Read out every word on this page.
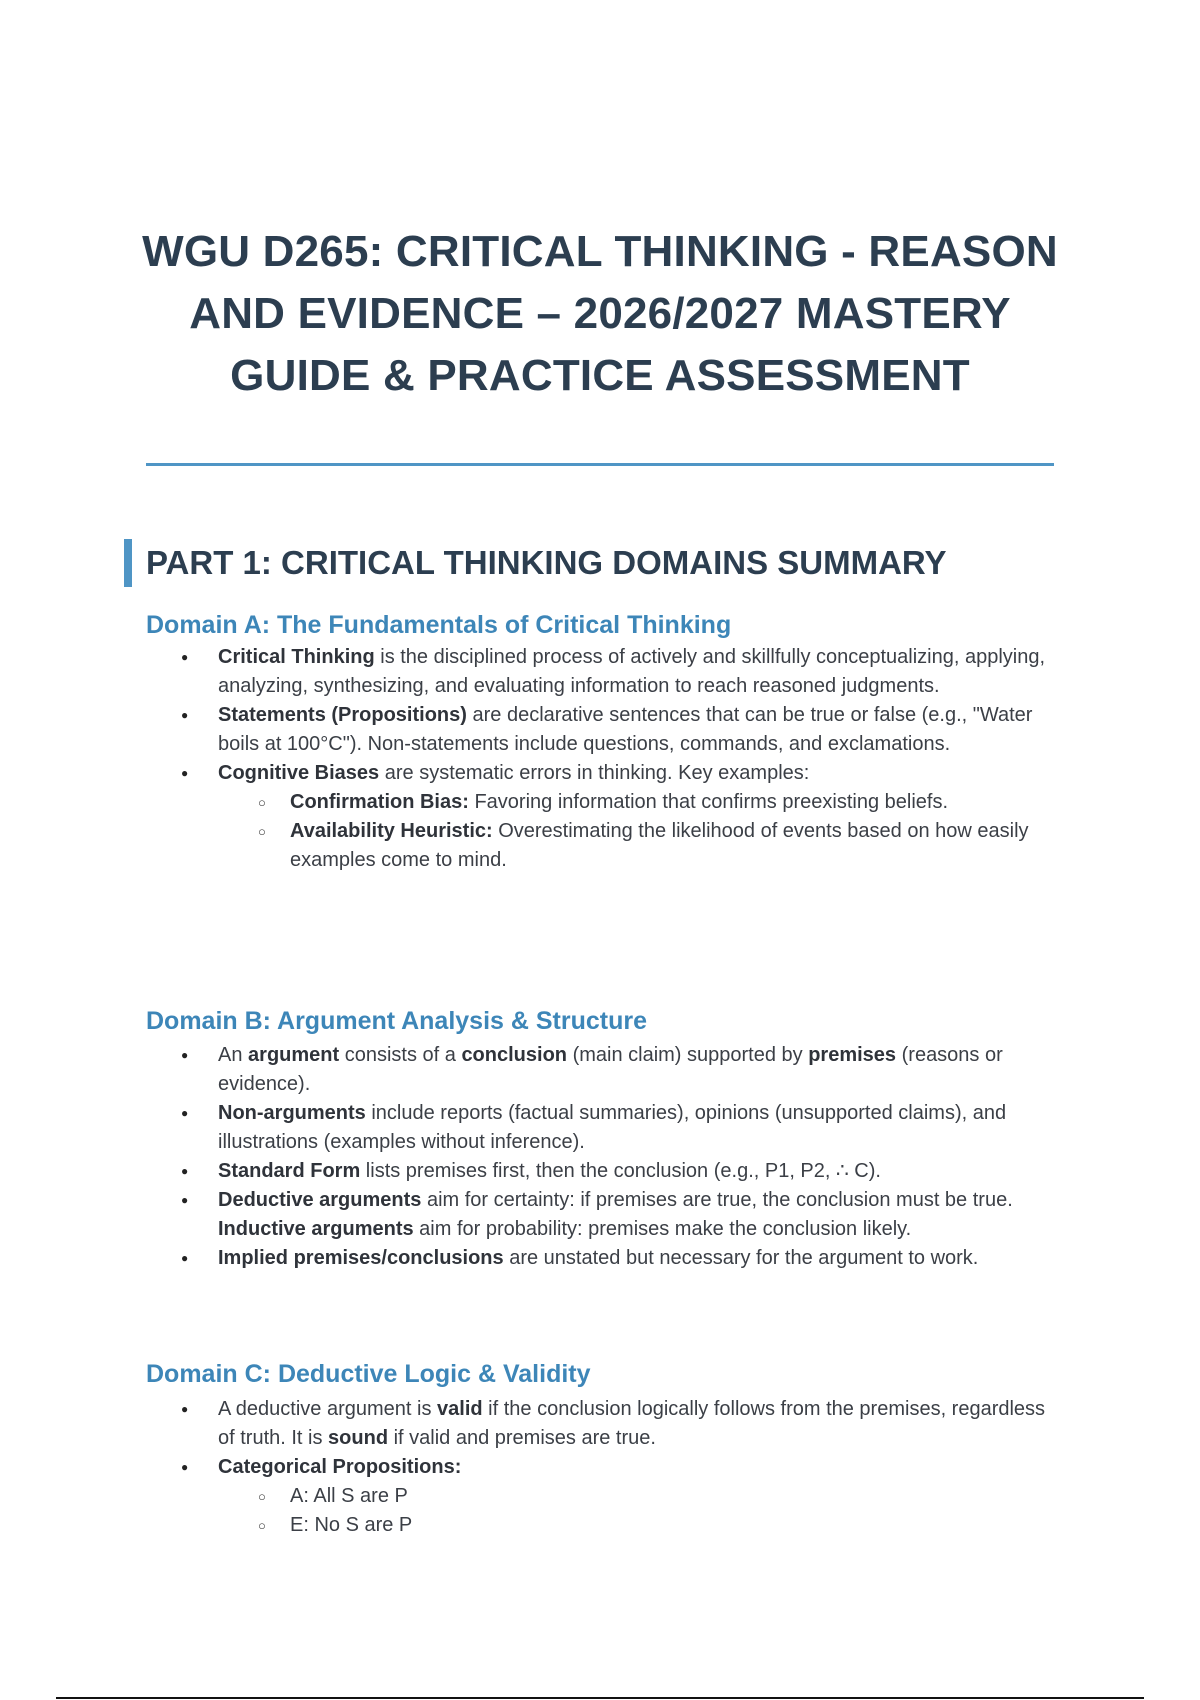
WGU D265: CRITICAL THINKING - REASON AND EVIDENCE – 2026/2027 MASTERY GUIDE & PRACTICE ASSESSMENT
PART 1: CRITICAL THINKING DOMAINS SUMMARY
Domain A: The Fundamentals of Critical Thinking
● Critical Thinking is the disciplined process of actively and skillfully conceptualizing, applying, analyzing, synthesizing, and evaluating information to reach reasoned judgments.
● Statements (Propositions) are declarative sentences that can be true or false (e.g., "Water boils at 100°C"). Non-statements include questions, commands, and exclamations.
● Cognitive Biases are systematic errors in thinking. Key examples:
○ Confirmation Bias: Favoring information that confirms preexisting beliefs.
○ Availability Heuristic: Overestimating the likelihood of events based on how easily examples come to mind.
Domain B: Argument Analysis & Structure
● An argument consists of a conclusion (main claim) supported by premises (reasons or evidence).
● Non-arguments include reports (factual summaries), opinions (unsupported claims), and illustrations (examples without inference).
● Standard Form lists premises first, then the conclusion (e.g., P1, P2, ∴ C).
● Deductive arguments aim for certainty: if premises are true, the conclusion must be true. Inductive arguments aim for probability: premises make the conclusion likely.
● Implied premises/conclusions are unstated but necessary for the argument to work.
Domain C: Deductive Logic & Validity
● A deductive argument is valid if the conclusion logically follows from the premises, regardless of truth. It is sound if valid and premises are true.
● Categorical Propositions:
○ A: All S are P
○ E: No S are P
